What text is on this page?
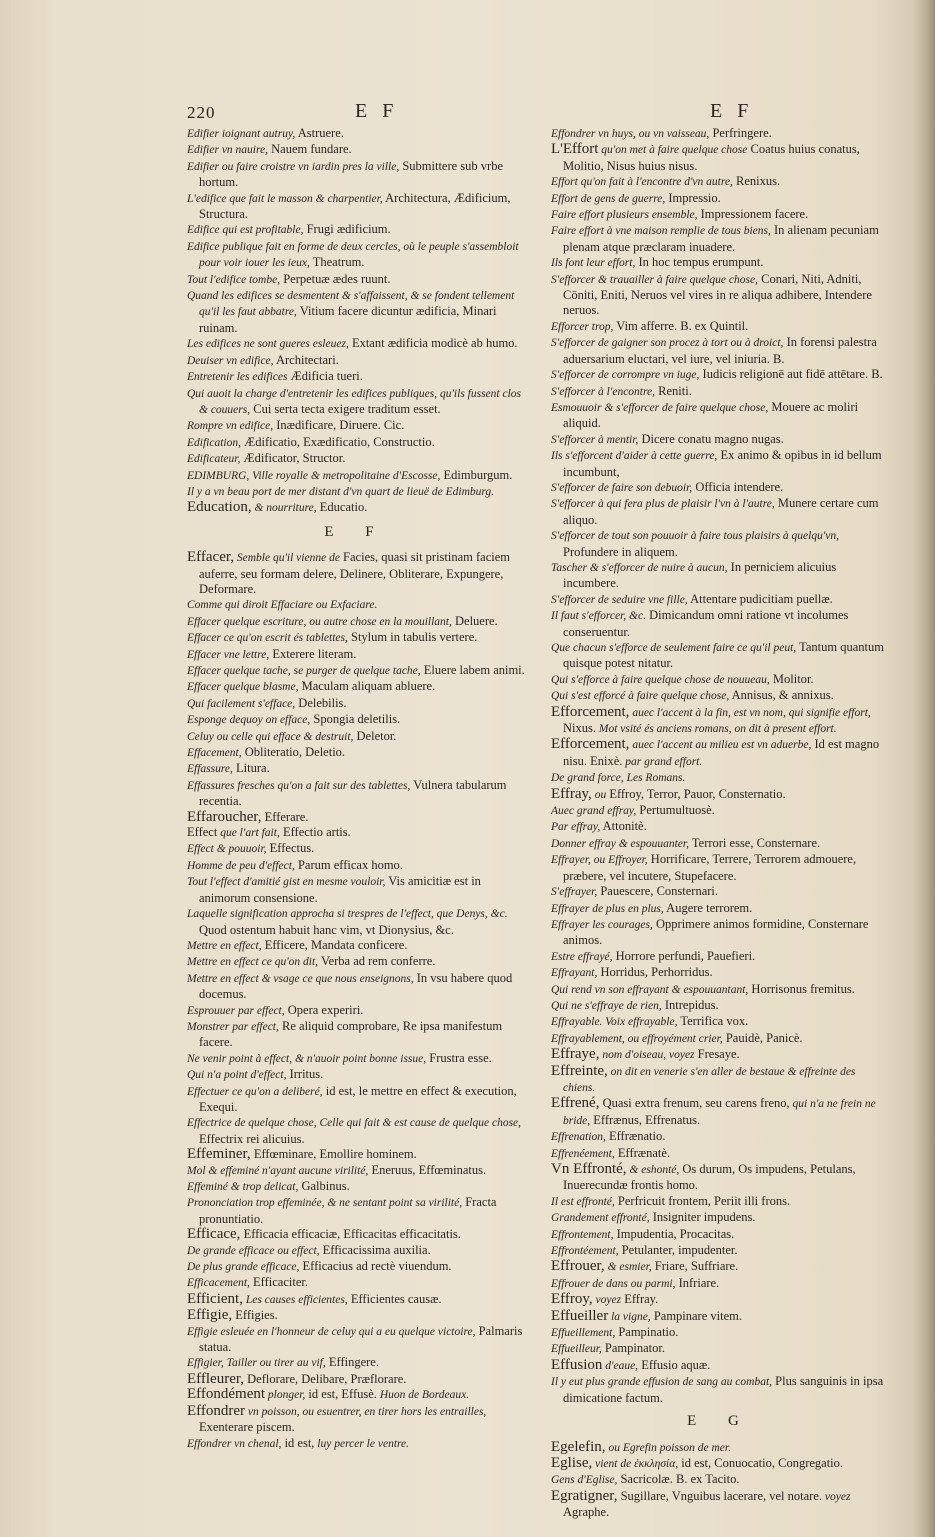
220	E F	E F

Edifier ioignant autruy, Astruere.

Edifier vn nauire, Nauem fundare.

Edifier ou faire croistre vn iardin pres la ville, Submittere sub vrbe hortum.

L'edifice que fait le masson & charpentier, Architectura, Ædificium, Structura.

Edifice qui est profitable, Frugi ædificium.

Edifice publique fait en forme de deux cercles, où le peuple s'assembloit pour voir iouer les ieux, Theatrum.

Tout l'edifice tombe, Perpetuæ ædes ruunt.

Quand les edifices se desmentent & s'affaissent, & se fondent tellement qu'il les faut abbatre, Vitium facere dicuntur ædificia, Minari ruinam.

Les edifices ne sont gueres esleuez, Extant ædificia modicè ab humo.

Deuiser vn edifice, Architectari.

Entretenir les edifices Ædificia tueri.

Qui auoit la charge d'entretenir les edifices publiques, qu'ils fussent clos & couuers, Cui serta tecta exigere traditum esset.

Rompre vn edifice, Inædificare, Diruere. Cic.

Edification, Ædificatio, Exædificatio, Constructio.

Edificateur, Ædificator, Structor.

EDIMBURG, Ville royalle & metropolitaine d'Escosse, Edimburgum.

Il y a vn beau port de mer distant d'vn quart de lieuë de Edimburg.

Education, & nourriture, Educatio.

E F

Effacer, Semble qu'il vienne de Facies, quasi sit pristinam faciem auferre, seu formam delere, Delinere, Obliterare, Expungere, Deformare.

Comme qui diroit Effaciare ou Exfaciare.

Effacer quelque escriture, ou autre chose en la mouillant, Deluere.

Effacer ce qu'on escrit és tablettes, Stylum in tabulis vertere.

Effacer vne lettre, Exterere literam.

Effacer quelque tache, se purger de quelque tache, Eluere labem animi.

Effacer quelque blasme, Maculam aliquam abluere.

Qui facilement s'efface, Delebilis.

Esponge dequoy on efface, Spongia deletilis.

Celuy ou celle qui efface & destruit, Deletor.

Effacement, Obliteratio, Deletio.

Effassure, Litura.

Effassures fresches qu'on a fait sur des tablettes, Vulnera tabularum recentia.

Effaroucher, Efferare.

Effect que l'art fait, Effectio artis.

Effect & pouuoir, Effectus.

Homme de peu d'effect, Parum efficax homo.

Tout l'effect d'amitié gist en mesme vouloir, Vis amicitiæ est in animorum consensione.

Laquelle signification approcha si trespres de l'effect, que Denys, &c. Quod ostentum habuit hanc vim, vt Dionysius, &c.

Mettre en effect, Efficere, Mandata conficere.

Mettre en effect ce qu'on dit, Verba ad rem conferre.

Mettre en effect & vsage ce que nous enseignons, In vsu habere quod docemus.

Esprouuer par effect, Opera experiri.

Monstrer par effect, Re aliquid comprobare, Re ipsa manifestum facere.

Ne venir point à effect, & n'auoir point bonne issue, Frustra esse.

Qui n'a point d'effect, Irritus.

Effectuer ce qu'on a deliberé, id est, le mettre en effect & execution, Exequi.

Effectrice de quelque chose, Celle qui fait & est cause de quelque chose, Effectrix rei alicuius.

Effeminer, Effœminare, Emollire hominem.

Mol & effeminé n'ayant aucune virilité, Eneruus, Effœminatus.

Effeminé & trop delicat, Galbinus.

Prononciation trop effeminée, & ne sentant point sa virilité, Fracta pronuntiatio.

Efficace, Efficacia efficaciæ, Efficacitas efficacitatis.

De grande efficace ou effect, Efficacissima auxilia.

De plus grande efficace, Efficacius ad rectè viuendum.

Efficacement, Efficaciter.

Efficient, Les causes efficientes, Efficientes causæ.

Effigie, Effigies.

Effigie esleuée en l'honneur de celuy qui a eu quelque victoire, Palmaris statua.

Effigier, Tailler ou tirer au vif, Effingere.

Effleurer, Deflorare, Delibare, Præflorare.

Effondément plonger, id est, Effusè. Huon de Bordeaux.

Effondrer vn poisson, ou esuentrer, en tirer hors les entrailles, Exenterare piscem.

Effondrer vn chenal, id est, luy percer le ventre.

Effondrer vn huys, ou vn vaisseau, Perfringere.

L'Effort qu'on met à faire quelque chose Coatus huius conatus, Molitio, Nisus huius nisus.

Effort qu'on fait à l'encontre d'vn autre, Renixus.

Effort de gens de guerre, Impressio.

Faire effort plusieurs ensemble, Impressionem facere.

Faire effort à vne maison remplie de tous biens, In alienam pecuniam plenam atque præclaram inuadere.

Ils font leur effort, In hoc tempus erumpunt.

S'efforcer & trauailler à faire quelque chose, Conari, Niti, Adniti, Cōniti, Eniti, Neruos vel vires in re aliqua adhibere, Intendere neruos.

Efforcer trop, Vim afferre. B. ex Quintil.

S'efforcer de gaigner son procez à tort ou à droict, In forensi palestra aduersarium eluctari, vel iure, vel iniuria. B.

S'efforcer de corrompre vn iuge, Iudicis religionē aut fidē attētare. B.

S'efforcer à l'encontre, Reniti.

Esmouuoir & s'efforcer de faire quelque chose, Mouere ac moliri aliquid.

S'efforcer à mentir, Dicere conatu magno nugas.

Ils s'efforcent d'aider à cette guerre, Ex animo & opibus in id bellum incumbunt,

S'efforcer de faire son debuoir, Officia intendere.

S'efforcer à qui fera plus de plaisir l'vn à l'autre, Munere certare cum aliquo.

S'efforcer de tout son pouuoir à faire tous plaisirs à quelqu'vn, Profundere in aliquem.

Tascher & s'efforcer de nuire à aucun, In perniciem alicuius incumbere.

S'efforcer de seduire vne fille, Attentare pudicitiam puellæ.

Il faut s'efforcer, &c. Dimicandum omni ratione vt incolumes conseruentur.

Que chacun s'efforce de seulement faire ce qu'il peut, Tantum quantum quisque potest nitatur.

Qui s'efforce à faire quelque chose de nouueau, Molitor.

Qui s'est efforcé à faire quelque chose, Annisus, & annixus.

Efforcement, auec l'accent à la fin, est vn nom, qui signifie effort, Nixus. Mot vsité és anciens romans, on dit à present effort.

Efforcement, auec l'accent au milieu est vn aduerbe, Id est magno nisu. Enixè. par grand effort.

De grand force, Les Romans.

Effray, ou Effroy, Terror, Pauor, Consternatio.

Auec grand effray, Pertumultuosè.

Par effray, Attonitè.

Donner effray & espouuanter, Terrori esse, Consternare.

Effrayer, ou Effroyer, Horrificare, Terrere, Terrorem admouere, præbere, vel incutere, Stupefacere.

S'effrayer, Pauescere, Consternari.

Effrayer de plus en plus, Augere terrorem.

Effrayer les courages, Opprimere animos formidine, Consternare animos.

Estre effrayé, Horrore perfundi, Pauefieri.

Effrayant, Horridus, Perhorridus.

Qui rend vn son effrayant & espouuantant, Horrisonus fremitus.

Qui ne s'effraye de rien, Intrepidus.

Effrayable. Voix effrayable, Terrifica vox.

Effrayablement, ou effroyément crier, Pauidè, Panicè.

Effraye, nom d'oiseau, voyez Fresaye.

Effreinte, on dit en venerie s'en aller de bestaue & effreinte des chiens.

Effrené, Quasi extra frenum, seu carens freno, qui n'a ne frein ne bride, Effrænus, Effrenatus.

Effrenation, Effrænatio.

Effrenéement, Effrænatè.

Vn Effronté, & eshonté, Os durum, Os impudens, Petulans, Inuerecundæ frontis homo.

Il est effronté, Perfricuit frontem, Periit illi frons.

Grandement effronté, Insigniter impudens.

Effrontement, Impudentia, Procacitas.

Effrontéement, Petulanter, impudenter.

Effrouer, & esmier, Friare, Suffriare.

Effrouer de dans ou parmi, Infriare.

Effroy, voyez Effray.

Effueiller la vigne, Pampinare vitem.

Effueillement, Pampinatio.

Effueilleur, Pampinator.

Effusion d'eaue, Effusio aquæ.

Il y eut plus grande effusion de sang au combat, Plus sanguinis in ipsa dimicatione factum.

E G

Egelefin, ou Egrefin poisson de mer.

Eglise, vient de ἐκκλησία, id est, Conuocatio, Congregatio.

Gens d'Eglise, Sacricolæ. B. ex Tacito.

Egratigner, Sugillare, Vnguibus lacerare, vel notare. voyez Agraphe.
